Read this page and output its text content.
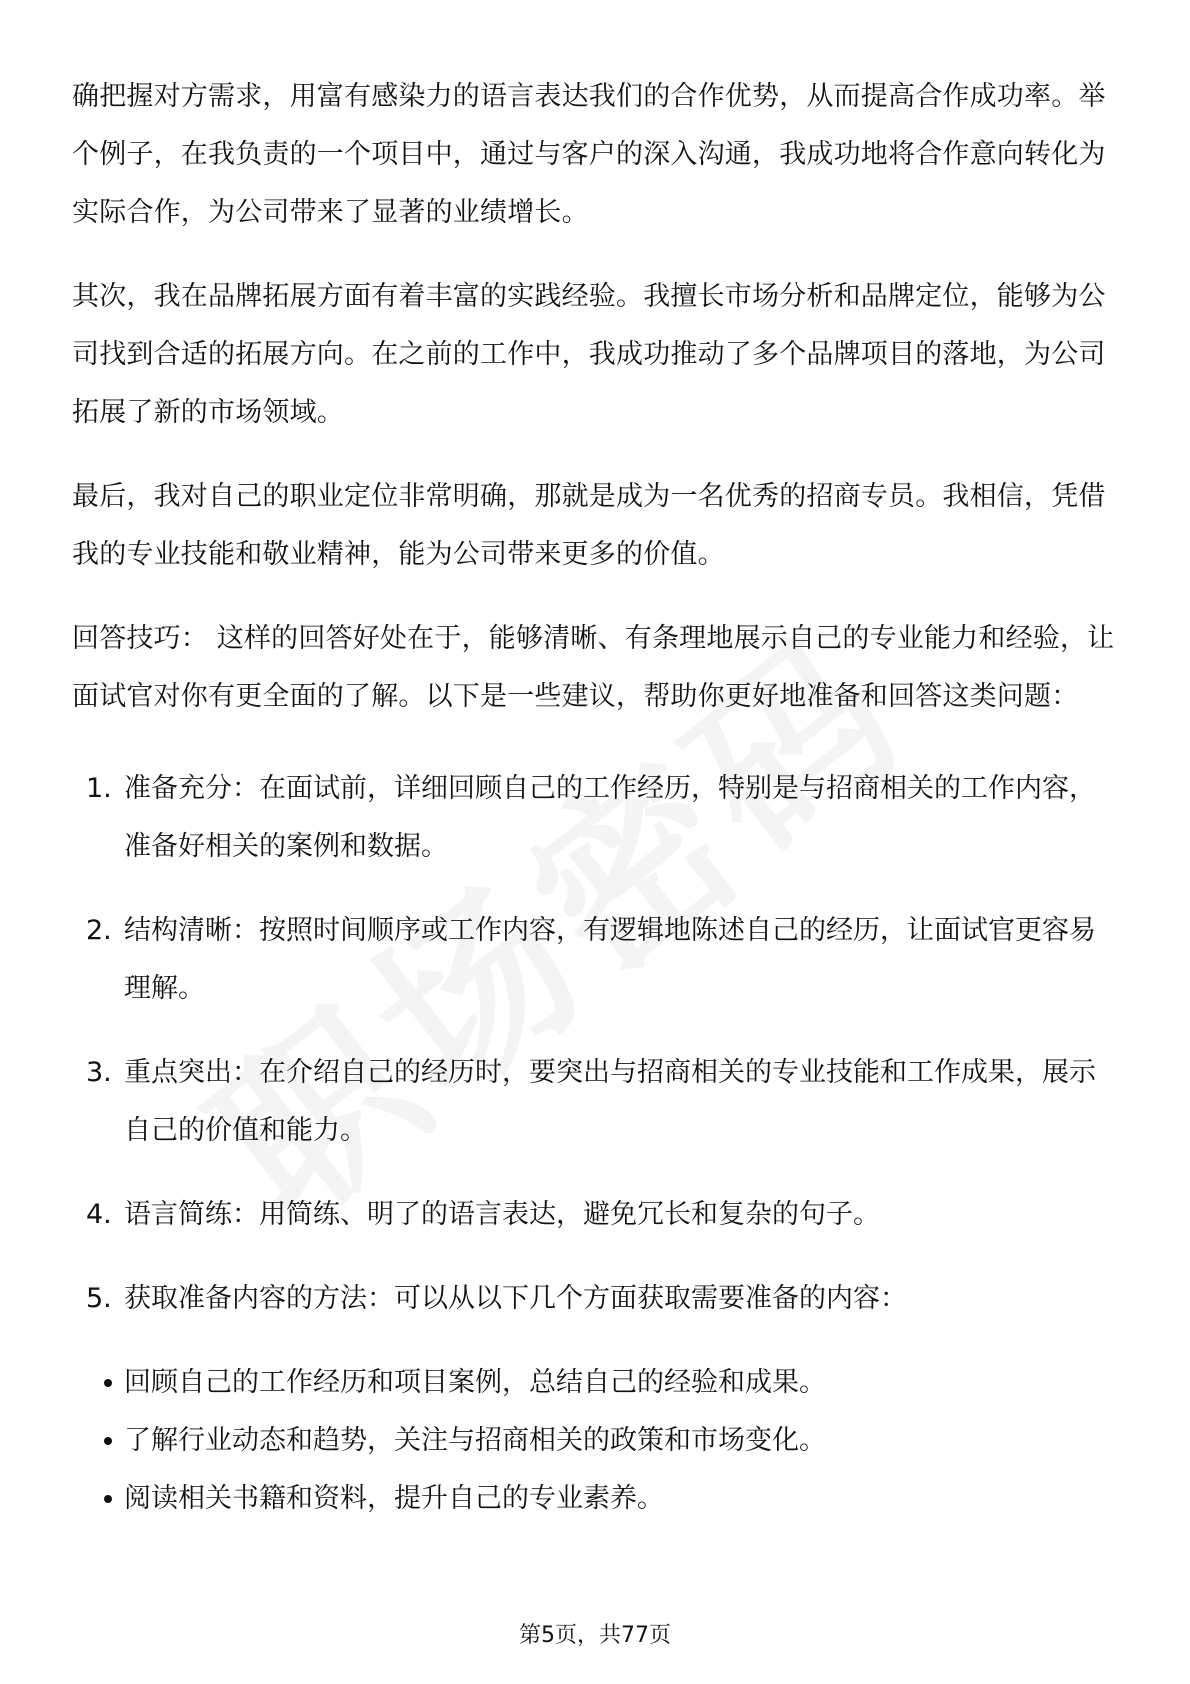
确把握对方需求，用富有感染力的语言表达我们的合作优势，从而提高合作成功率。举个例子，在我负责的一个项目中，通过与客户的深入沟通，我成功地将合作意向转化为实际合作，为公司带来了显著的业绩增长。

其次，我在品牌拓展方面有着丰富的实践经验。我擅长市场分析和品牌定位，能够为公司找到合适的拓展方向。在之前的工作中，我成功推动了多个品牌项目的落地，为公司拓展了新的市场领域。

最后，我对自己的职业定位非常明确，那就是成为一名优秀的招商专员。我相信，凭借我的专业技能和敬业精神，能为公司带来更多的价值。

回答技巧： 这样的回答好处在于，能够清晰、有条理地展示自己的专业能力和经验，让面试官对你有更全面的了解。以下是一些建议，帮助你更好地准备和回答这类问题：

1. 准备充分：在面试前，详细回顾自己的工作经历，特别是与招商相关的工作内容，准备好相关的案例和数据。
2. 结构清晰：按照时间顺序或工作内容，有逻辑地陈述自己的经历，让面试官更容易理解。
3. 重点突出：在介绍自己的经历时，要突出与招商相关的专业技能和工作成果，展示自己的价值和能力。
4. 语言简练：用简练、明了的语言表达，避免冗长和复杂的句子。
5. 获取准备内容的方法：可以从以下几个方面获取需要准备的内容：
回顾自己的工作经历和项目案例，总结自己的经验和成果。
了解行业动态和趋势，关注与招商相关的政策和市场变化。
阅读相关书籍和资料，提升自己的专业素养。
第5页，共77页
